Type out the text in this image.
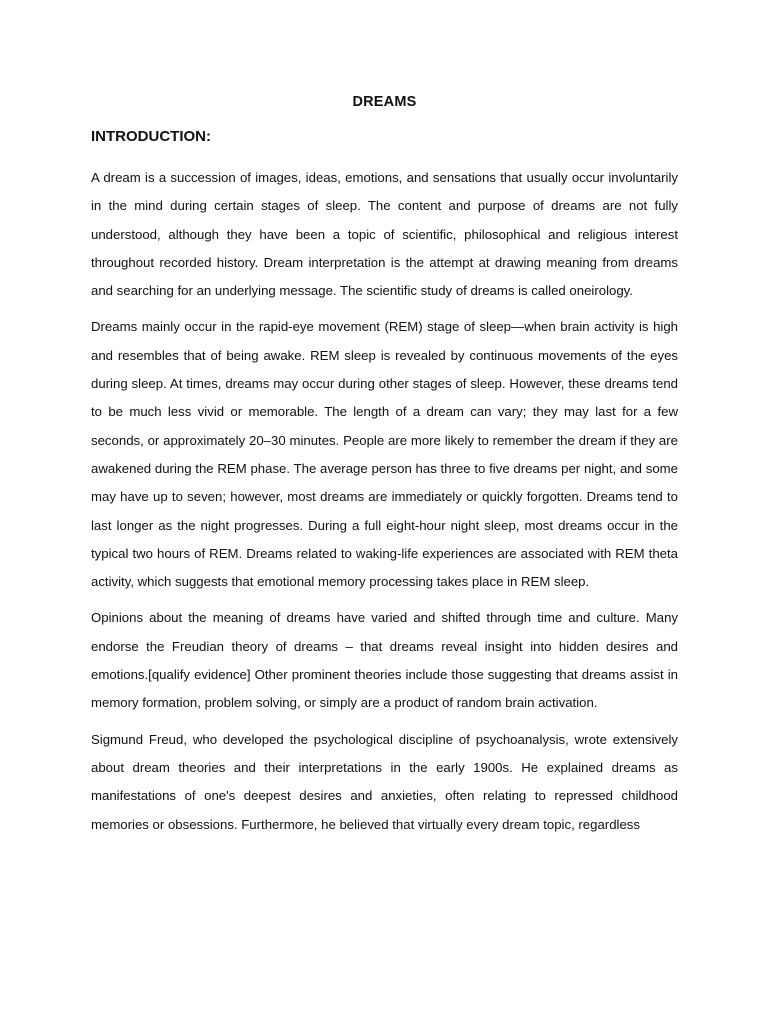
DREAMS
INTRODUCTION:

A dream is a succession of images, ideas, emotions, and sensations that usually occur involuntarily in the mind during certain stages of sleep. The content and purpose of dreams are not fully understood, although they have been a topic of scientific, philosophical and religious interest throughout recorded history. Dream interpretation is the attempt at drawing meaning from dreams and searching for an underlying message. The scientific study of dreams is called oneirology.

Dreams mainly occur in the rapid-eye movement (REM) stage of sleep—when brain activity is high and resembles that of being awake. REM sleep is revealed by continuous movements of the eyes during sleep. At times, dreams may occur during other stages of sleep. However, these dreams tend to be much less vivid or memorable. The length of a dream can vary; they may last for a few seconds, or approximately 20–30 minutes. People are more likely to remember the dream if they are awakened during the REM phase. The average person has three to five dreams per night, and some may have up to seven; however, most dreams are immediately or quickly forgotten. Dreams tend to last longer as the night progresses. During a full eight-hour night sleep, most dreams occur in the typical two hours of REM. Dreams related to waking-life experiences are associated with REM theta activity, which suggests that emotional memory processing takes place in REM sleep.

Opinions about the meaning of dreams have varied and shifted through time and culture. Many endorse the Freudian theory of dreams – that dreams reveal insight into hidden desires and emotions.[qualify evidence] Other prominent theories include those suggesting that dreams assist in memory formation, problem solving, or simply are a product of random brain activation.

Sigmund Freud, who developed the psychological discipline of psychoanalysis, wrote extensively about dream theories and their interpretations in the early 1900s. He explained dreams as manifestations of one's deepest desires and anxieties, often relating to repressed childhood memories or obsessions. Furthermore, he believed that virtually every dream topic, regardless
